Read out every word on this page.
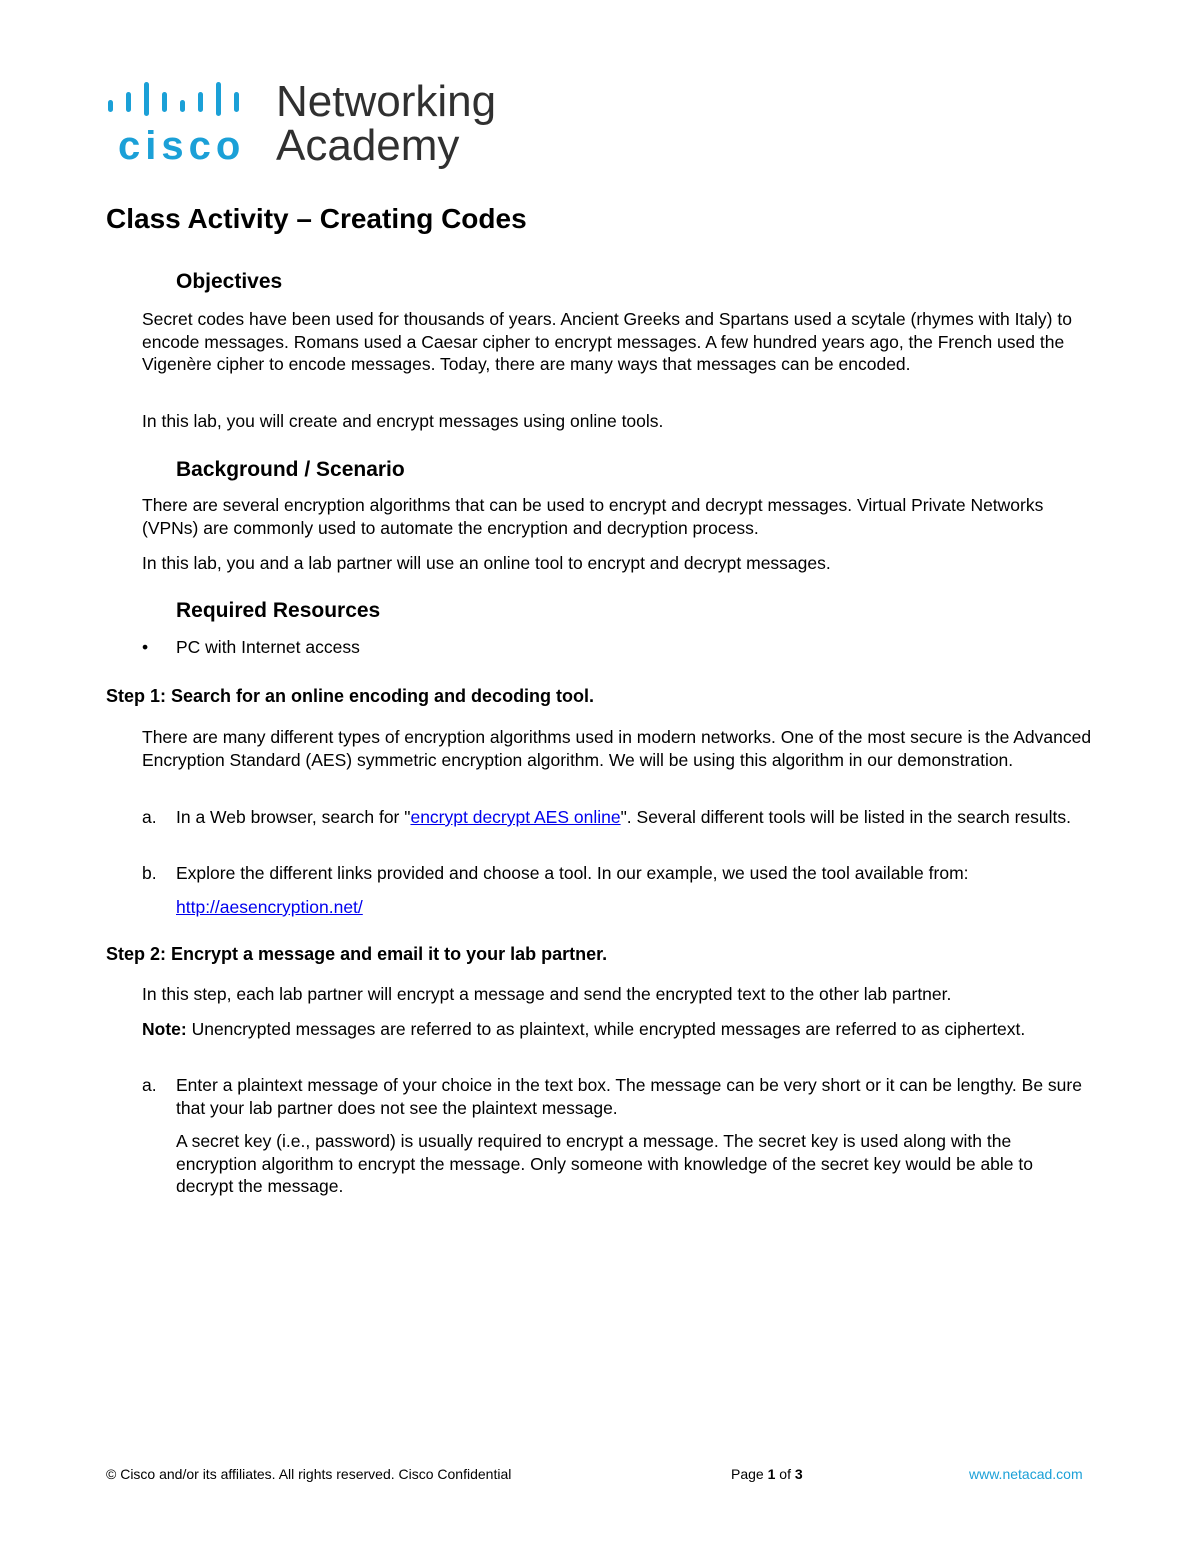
cisco
Networking
Academy
Class Activity – Creating Codes
Objectives

Secret codes have been used for thousands of years. Ancient Greeks and Spartans used a scytale (rhymes with Italy) to encode messages. Romans used a Caesar cipher to encrypt messages. A few hundred years ago, the French used the Vigenère cipher to encode messages. Today, there are many ways that messages can be encoded.

In this lab, you will create and encrypt messages using online tools.

Background / Scenario

There are several encryption algorithms that can be used to encrypt and decrypt messages. Virtual Private Networks (VPNs) are commonly used to automate the encryption and decryption process.

In this lab, you and a lab partner will use an online tool to encrypt and decrypt messages.

Required Resources
• PC with Internet access
Step 1: Search for an online encoding and decoding tool.

There are many different types of encryption algorithms used in modern networks. One of the most secure is the Advanced Encryption Standard (AES) symmetric encryption algorithm. We will be using this algorithm in our demonstration.

a. In a Web browser, search for "encrypt decrypt AES online". Several different tools will be listed in the search results.
b. Explore the different links provided and choose a tool. In our example, we used the tool available from:
http://aesencryption.net/
Step 2: Encrypt a message and email it to your lab partner.

In this step, each lab partner will encrypt a message and send the encrypted text to the other lab partner.

Note: Unencrypted messages are referred to as plaintext, while encrypted messages are referred to as ciphertext.

a. Enter a plaintext message of your choice in the text box. The message can be very short or it can be lengthy. Be sure that your lab partner does not see the plaintext message.
A secret key (i.e., password) is usually required to encrypt a message. The secret key is used along with the encryption algorithm to encrypt the message. Only someone with knowledge of the secret key would be able to decrypt the message.
© Cisco and/or its affiliates. All rights reserved. Cisco Confidential	Page 1 of 3	www.netacad.com
